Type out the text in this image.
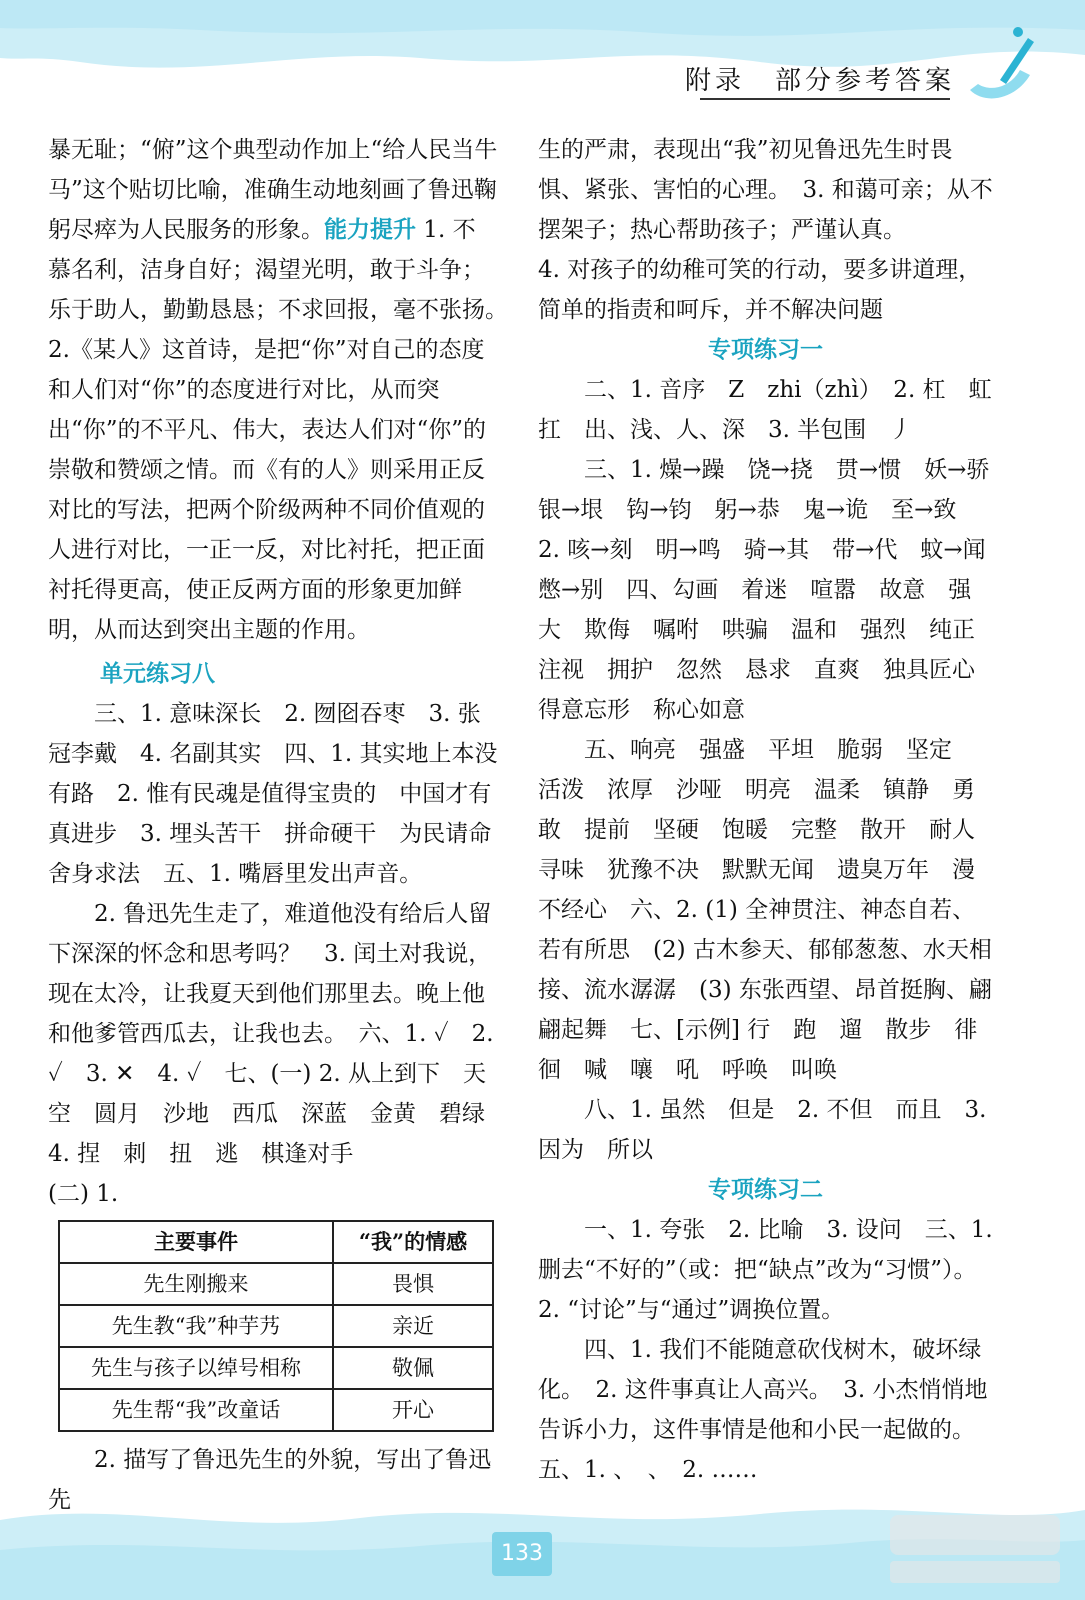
附录　部分参考答案

暴无耻；“俯”这个典型动作加上“给人民当牛马”这个贴切比喻，准确生动地刻画了鲁迅鞠躬尽瘁为人民服务的形象。能力提升 1. 不慕名利，洁身自好；渴望光明，敢于斗争；乐于助人，勤勤恳恳；不求回报，毫不张扬。　2.《某人》这首诗，是把“你”对自己的态度和人们对“你”的态度进行对比，从而突出“你”的不平凡、伟大，表达人们对“你”的崇敬和赞颂之情。而《有的人》则采用正反对比的写法，把两个阶级两种不同价值观的人进行对比，一正一反，对比衬托，把正面衬托得更高，使正反两方面的形象更加鲜明，从而达到突出主题的作用。

单元练习八

三、1. 意味深长　2. 囫囵吞枣　3. 张冠李戴　4. 名副其实　四、1. 其实地上本没有路　2. 惟有民魂是值得宝贵的　中国才有真进步　3. 埋头苦干　拼命硬干　为民请命　舍身求法　五、1. 嘴唇里发出声音。

2. 鲁迅先生走了，难道他没有给后人留下深深的怀念和思考吗？　3. 闰土对我说，现在太冷，让我夏天到他们那里去。晚上他和他爹管西瓜去，让我也去。　六、1. ✓　2. ✓　3. ✕　4. ✓　七、(一) 2. 从上到下　天空　圆月　沙地　西瓜　深蓝　金黄　碧绿　4. 捏　刺　扭　逃　棋逢对手

(二) 1.

主要事件	“我”的情感
先生刚搬来	畏惧
先生教“我”种芋艿	亲近
先生与孩子以绰号相称	敬佩
先生帮“我”改童话	开心

2. 描写了鲁迅先生的外貌，写出了鲁迅先

生的严肃，表现出“我”初见鲁迅先生时畏惧、紧张、害怕的心理。　3. 和蔼可亲；从不摆架子；热心帮助孩子；严谨认真。

4. 对孩子的幼稚可笑的行动，要多讲道理，简单的指责和呵斥，并不解决问题

专项练习一

二、1. 音序　Z　zhi（zhì）　2. 杠　虹　扛　出、浅、人、深　3. 半包围　丿

三、1. 燥→躁　饶→挠　贯→惯　妖→骄　银→垠　钩→钧　躬→恭　鬼→诡　至→致　2. 咳→刻　明→鸣　骑→其　带→代　蚊→闻　憋→别　四、勾画　着迷　喧嚣　故意　强大　欺侮　嘱咐　哄骗　温和　强烈　纯正　注视　拥护　忽然　恳求　直爽　独具匠心　得意忘形　称心如意

五、响亮　强盛　平坦　脆弱　坚定　活泼　浓厚　沙哑　明亮　温柔　镇静　勇敢　提前　坚硬　饱暖　完整　散开　耐人寻味　犹豫不决　默默无闻　遗臭万年　漫不经心　六、2. (1) 全神贯注、神态自若、若有所思　(2) 古木参天、郁郁葱葱、水天相接、流水潺潺　(3) 东张西望、昂首挺胸、翩翩起舞　七、[示例] 行　跑　遛　散步　徘徊　喊　嚷　吼　呼唤　叫唤

八、1. 虽然　但是　2. 不但　而且　3. 因为　所以

专项练习二

一、1. 夸张　2. 比喻　3. 设问　三、1. 删去“不好的”（或：把“缺点”改为“习惯”）。　2. “讨论”与“通过”调换位置。

四、1. 我们不能随意砍伐树木，破坏绿化。　2. 这件事真让人高兴。　3. 小杰悄悄地告诉小力，这件事情是他和小民一起做的。　五、1. 、　、　2. ……

133
